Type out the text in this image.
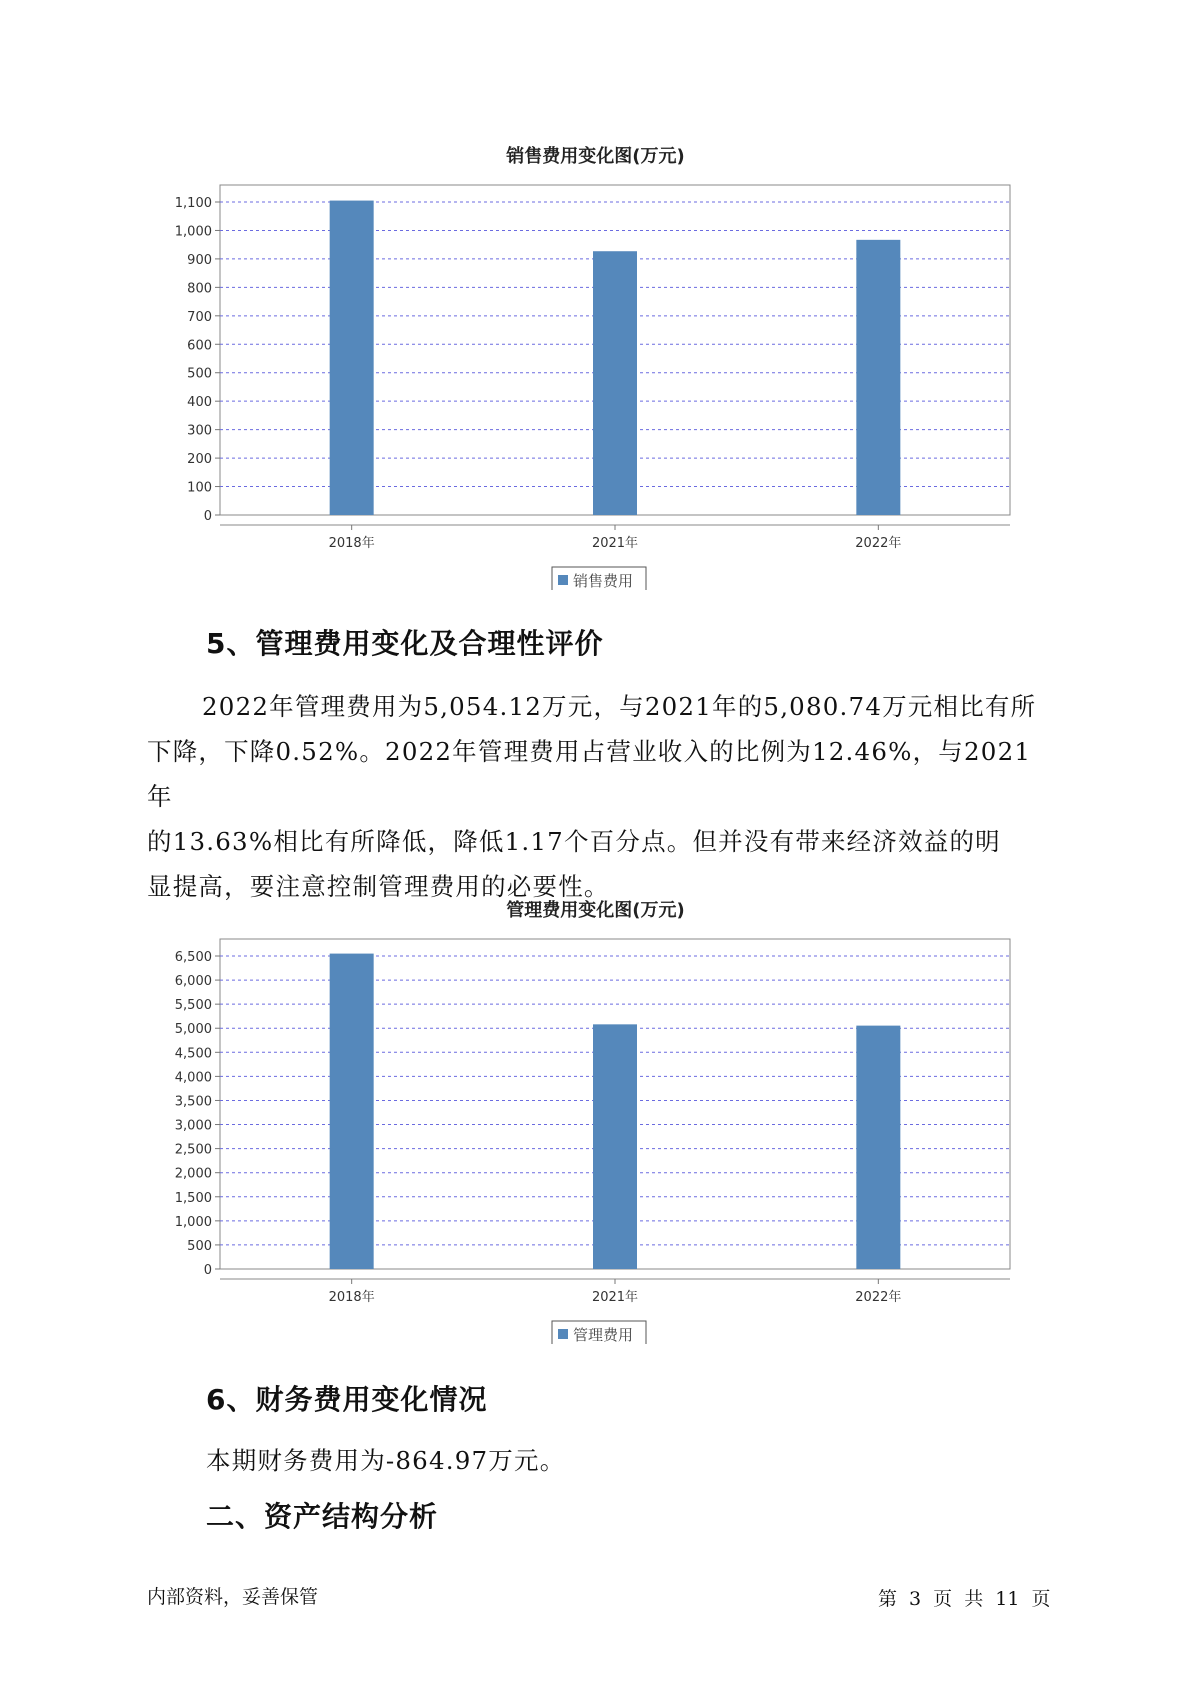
销售费用变化图(万元)
0
100
200
300
400
500
600
700
800
900
1,000
1,100
2018年	2021年	2022年
销售费用
5、管理费用变化及合理性评价

2022年管理费用为5,054.12万元，与2021年的5,080.74万元相比有所

下降，下降0.52%。2022年管理费用占营业收入的比例为12.46%，与2021年

的13.63%相比有所降低，降低1.17个百分点。但并没有带来经济效益的明

显提高，要注意控制管理费用的必要性。

管理费用变化图(万元)
0
500
1,000
1,500
2,000
2,500
3,000
3,500
4,000
4,500
5,000
5,500
6,000
6,500
2018年	2021年	2022年
管理费用
6、财务费用变化情况

本期财务费用为-864.97万元。

二、资产结构分析
内部资料，妥善保管	第 3 页 共 11 页
